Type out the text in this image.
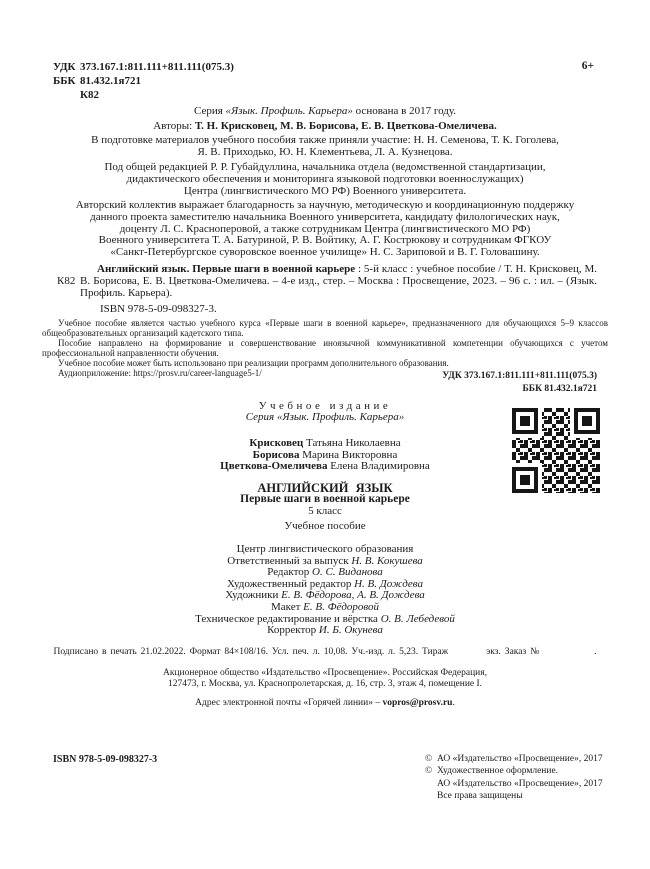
УДК 373.167.1:811.111+811.111(075.3)
ББК 81.432.1я721
К82
6+
Серия «Язык. Профиль. Карьера» основана в 2017 году.
Авторы: Т. Н. Крисковец, М. В. Борисова, Е. В. Цветкова-Омеличева.
В подготовке материалов учебного пособия также приняли участие: Н. Н. Семенова, Т. К. Гоголева,
Я. В. Приходько, Ю. Н. Клементьева, Л. А. Кузнецова.
Под общей редакцией Р. Р. Губайдуллина, начальника отдела (ведомственной стандартизации,
дидактического обеспечения и мониторинга языковой подготовки военнослужащих)
Центра (лингвистического МО РФ) Военного университета.
Авторский коллектив выражает благодарность за научную, методическую и координационную поддержку
данного проекта заместителю начальника Военного университета, кандидату филологических наук,
доценту Л. С. Красноперовой, а также сотрудникам Центра (лингвистического МО РФ)
Военного университета Т. А. Батуриной, Р. В. Войтику, А. Г. Кострюкову и сотрудникам ФГКОУ
«Санкт-Петербургское суворовское военное училище» Н. С. Зариповой и В. Г. Головашину.
К82
Английский язык. Первые шаги в военной карьере : 5-й класс : учебное пособие / Т. Н. Крисковец, М. В. Борисова, Е. В. Цветкова-Омеличева. – 4-е изд., стер. – Москва : Просвещение, 2023. – 96 с. : ил. – (Язык. Профиль. Карьера).
ISBN 978-5-09-098327-3.

Учебное пособие является частью учебного курса «Первые шаги в военной карьере», предназначенного для обучающихся 5–9 классов общеобразовательных организаций кадетского типа.

Пособие направлено на формирование и совершенствование иноязычной коммуникативной компетенции обучающихся с учетом профессиональной направленности обучения.

Учебное пособие может быть использовано при реализации программ дополнительного образования.

Аудиоприложение: https://prosv.ru/career-language5-1/	УДК 373.167.1:811.111+811.111(075.3)
ББК 81.432.1я721
Учебное издание
Серия «Язык. Профиль. Карьера»
Крисковец Татьяна Николаевна
Борисова Марина Викторовна
Цветкова-Омеличева Елена Владимировна
АНГЛИЙСКИЙ ЯЗЫК
Первые шаги в военной карьере
5 класс
Учебное пособие
Центр лингвистического образования
Ответственный за выпуск Н. В. Кокушева
Редактор О. С. Виданова
Художественный редактор Н. В. Дождева
Художники Е. В. Фёдорова, А. В. Дождева
Макет Е. В. Фёдоровой
Техническое редактирование и вёрстка О. В. Лебедевой
Корректор И. Б. Окунева
Подписано в печать 21.02.2022. Формат 84×108/16. Усл. печ. л. 10,08. Уч.-изд. л. 5,23. Тираж	экз. Заказ №	.
Акционерное общество «Издательство «Просвещение». Российская Федерация,
127473, г. Москва, ул. Краснопролетарская, д. 16, стр. 3, этаж 4, помещение I.
Адрес электронной почты «Горячей линии» – vopros@prosv.ru.
ISBN 978-5-09-098327-3	© АО «Издательство «Просвещение», 2017
© Художественное оформление.
АО «Издательство «Просвещение», 2017
Все права защищены
